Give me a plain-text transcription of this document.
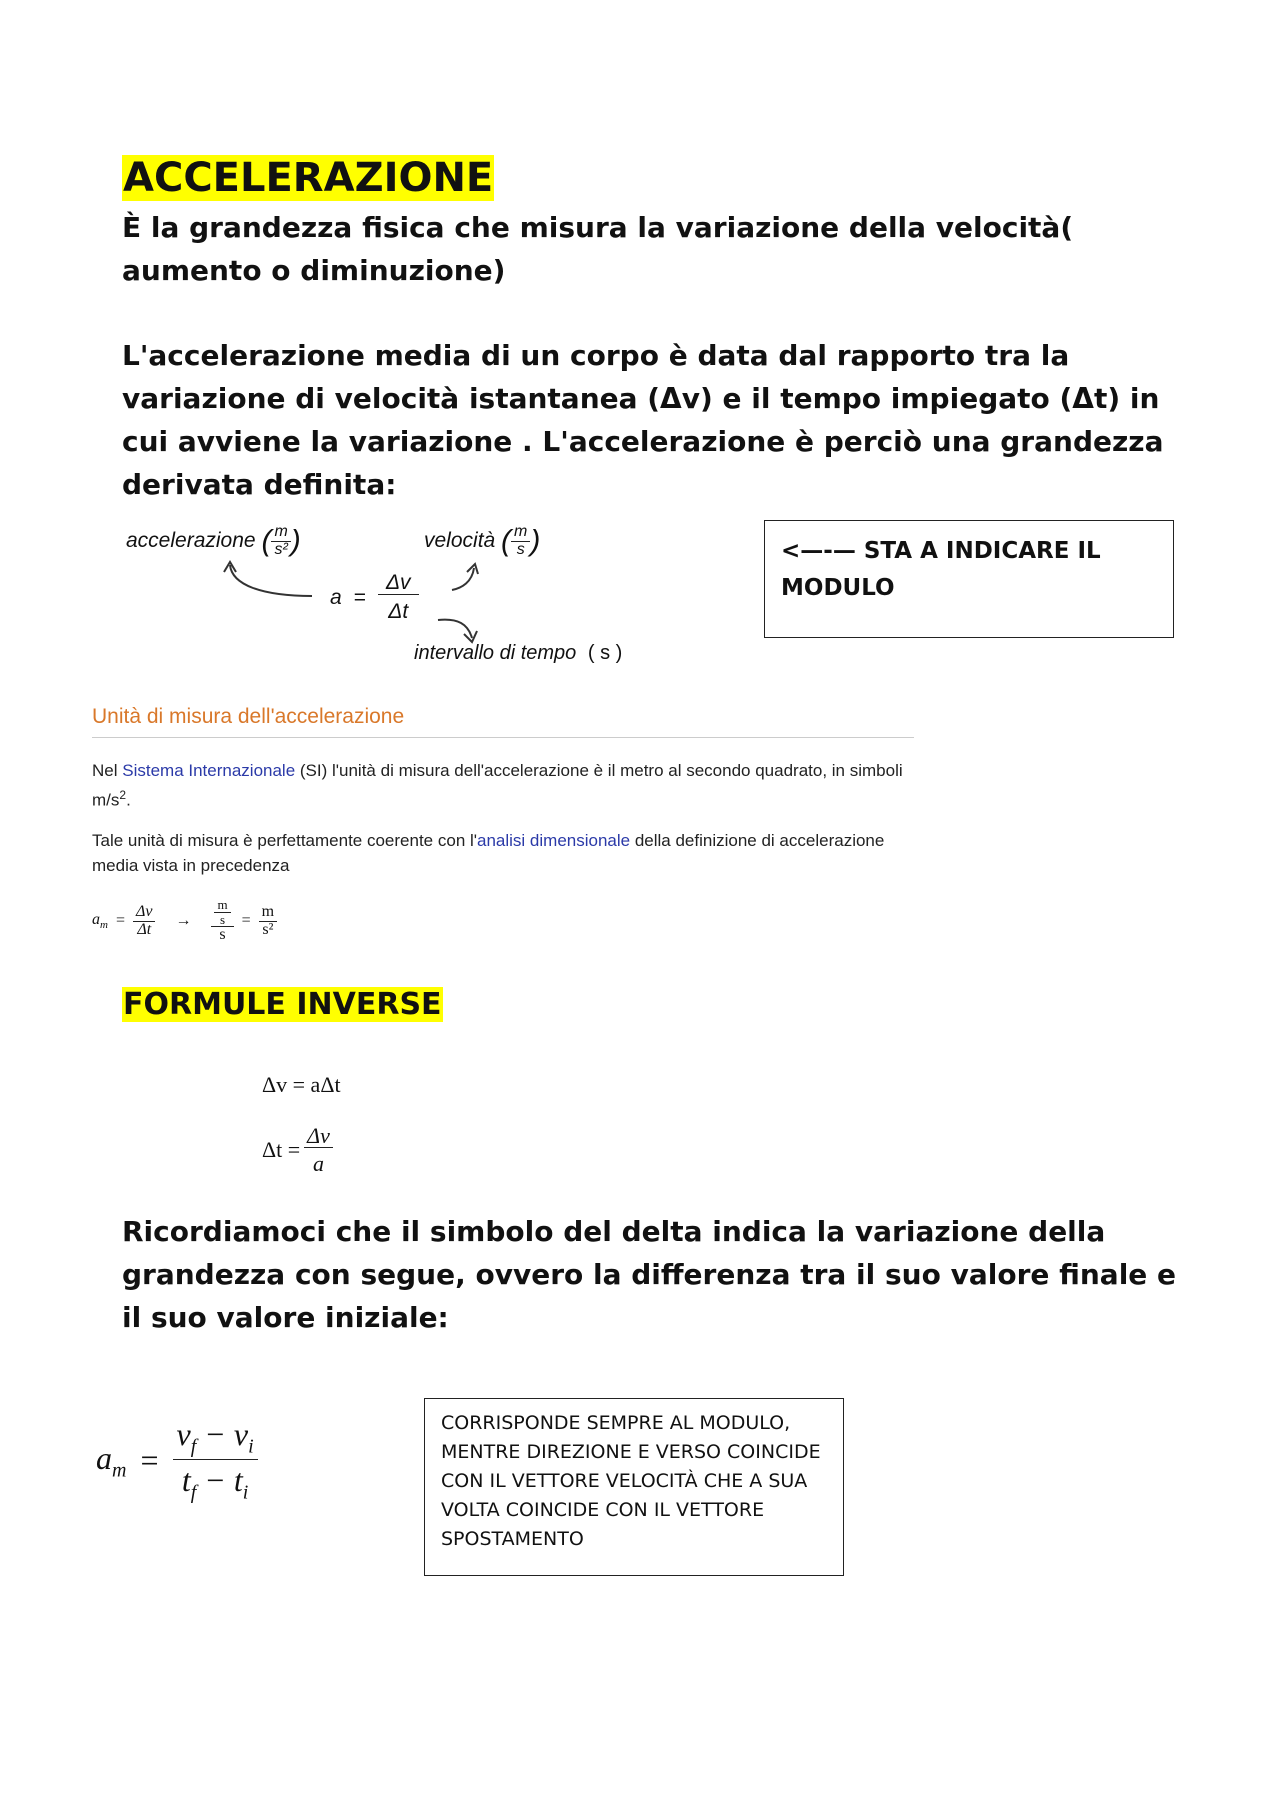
ACCELERAZIONE
È la grandezza fisica che misura la variazione della velocità( aumento o diminuzione)
L'accelerazione media di un corpo è data dal rapporto tra la variazione di velocità istantanea (Δv) e il tempo impiegato (Δt) in cui avviene la variazione . L'accelerazione è perciò una grandezza derivata definita:
accelerazione ( $\frac{m}{\text{s²}}$ )	velocità ( $\frac{m}{s}$ )
$a = \frac{\Delta v}{\Delta t}$
intervallo di tempo ( s )
<—-— STA A INDICARE IL MODULO
Unità di misura dell'accelerazione
Nel Sistema Internazionale (SI) l'unità di misura dell'accelerazione è il metro al secondo quadrato, in simboli $m/s^2$.
Tale unità di misura è perfettamente coerente con l'analisi dimensionale della definizione di accelerazione media vista in precedenza
$a_m = \frac{\Delta v}{\Delta t} \to \frac{\frac{m}{s}}{s} = \frac{m}{\text{s²}}$
FORMULE INVERSE
Δv = aΔt
$\Delta t = \frac{\Delta v}{a}$
Ricordiamoci che il simbolo del delta indica la variazione della grandezza con segue, ovvero la differenza tra il suo valore finale e il suo valore iniziale:
$a_m = \frac{v_f - v_i}{t_f - t_i}$	CORRISPONDE SEMPRE AL MODULO, MENTRE DIREZIONE E VERSO COINCIDE CON IL VETTORE VELOCITÀ CHE A SUA VOLTA COINCIDE CON IL VETTORE SPOSTAMENTO
